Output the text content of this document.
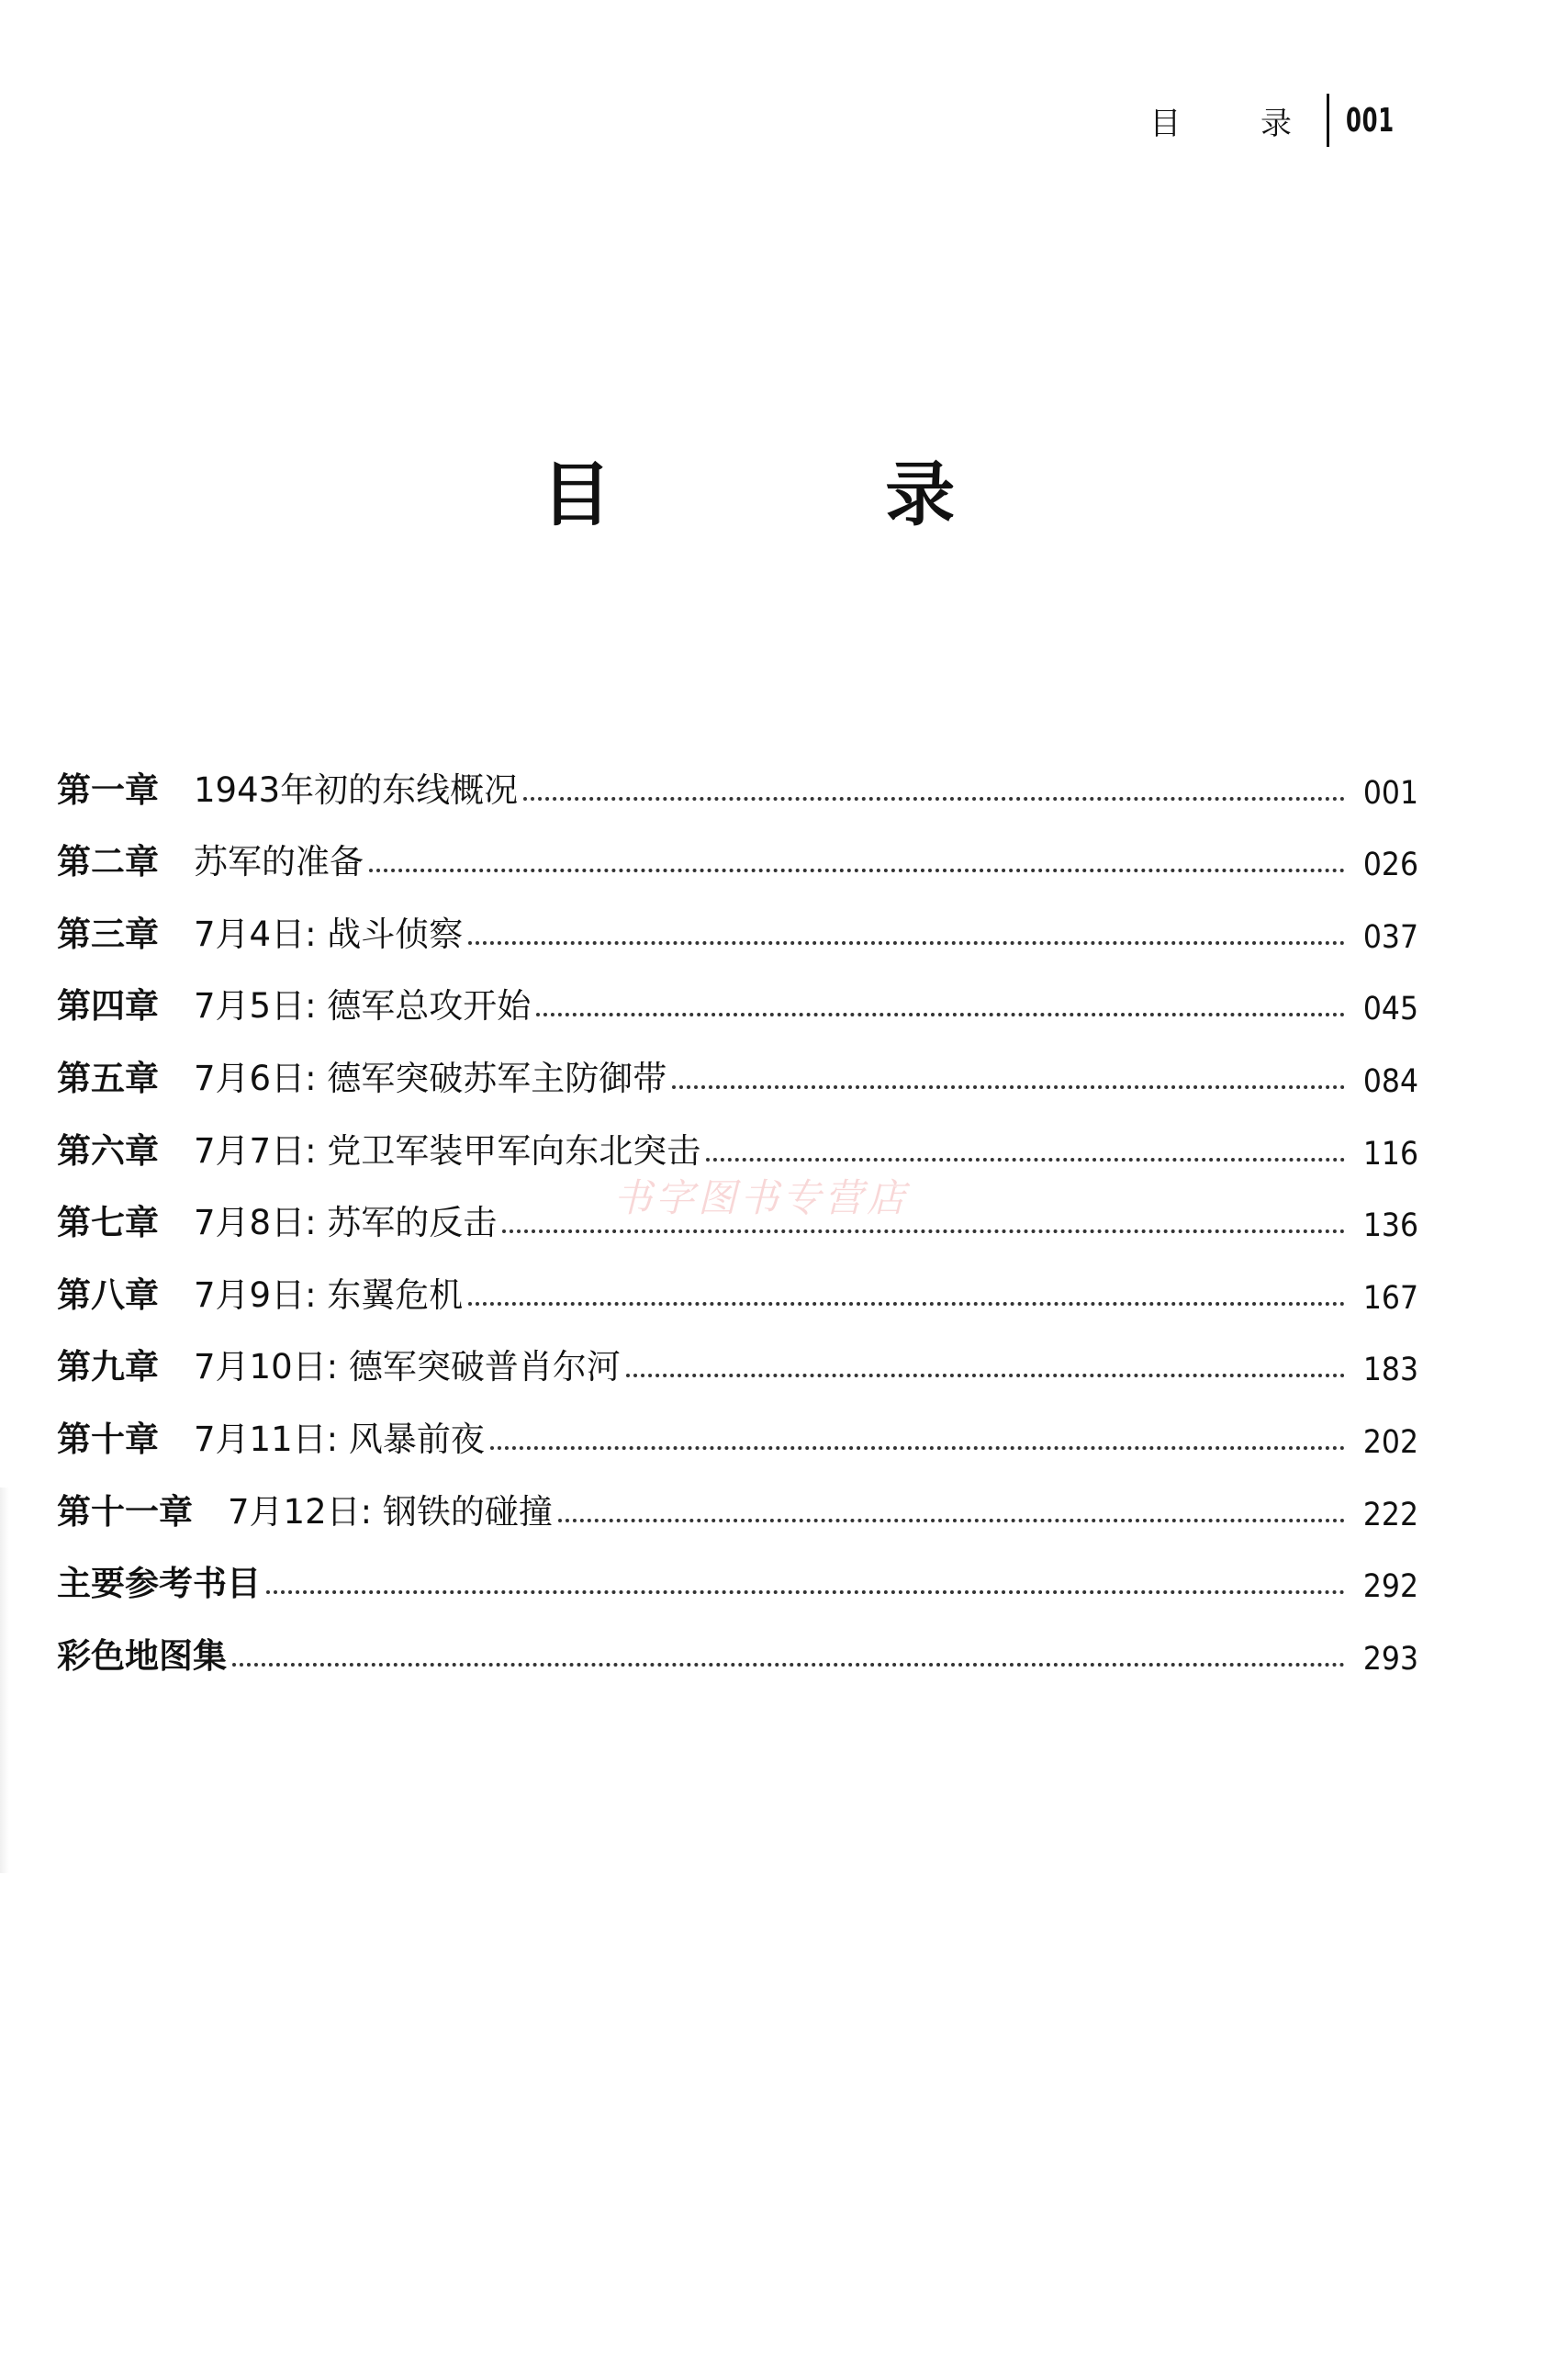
目 录 001
目 录
第一章 1943年初的东线概况	001
第二章 苏军的准备	026
第三章 7月4日: 战斗侦察	037
第四章 7月5日: 德军总攻开始	045
第五章 7月6日: 德军突破苏军主防御带	084
第六章 7月7日: 党卫军装甲军向东北突击	116
第七章 7月8日: 苏军的反击	136
第八章 7月9日: 东翼危机	167
第九章 7月10日: 德军突破普肖尔河	183
第十章 7月11日: 风暴前夜	202
第十一章 7月12日: 钢铁的碰撞	222
主要参考书目	292
彩色地图集	293
书字图书专营店
